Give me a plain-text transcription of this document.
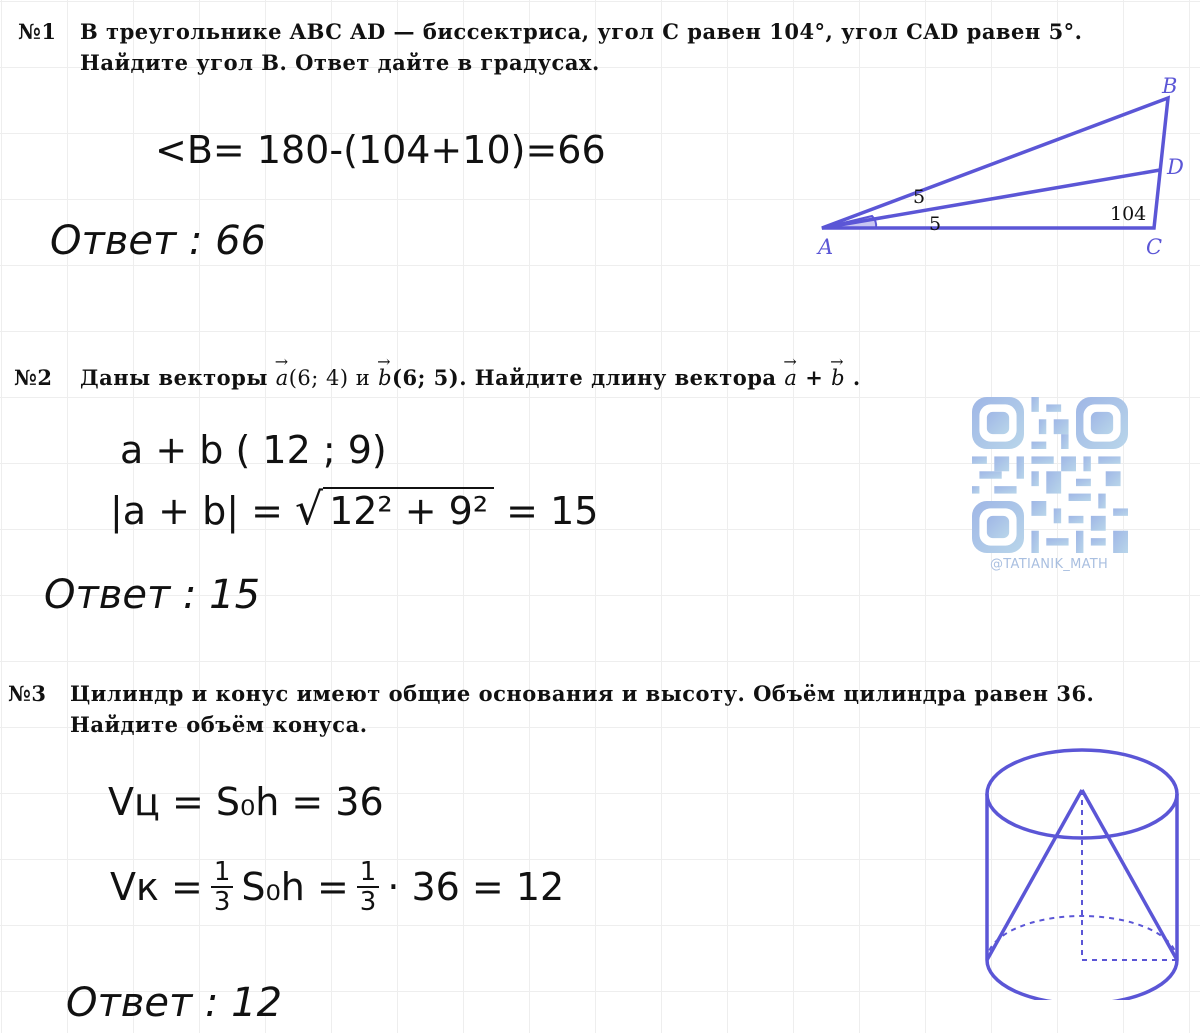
№1 В треугольнике ABC AD — биссектриса, угол C равен 104°, угол CAD равен 5°.
Найдите угол B. Ответ дайте в градусах.
<B= 180-(104+10)=66
Ответ : 66	A
B
C
D
5
5	104
№2 Даны векторы → a(6; 4) и → b(6; 5). Найдите длину вектора → a + → b .
a + b ( 12 ; 9)
|a + b| = √ 12² + 9² = 15
Ответ : 15
@TATIANIK_MATH
№3 Цилиндр и конус имеют общие основания и высоту. Объём цилиндра равен 36.
Найдите объём конуса.
Vц = S₀h = 36
Vк = $\frac{1}{3} S_0h = \frac{1}{3} \cdot 36 = 12$
Ответ : 12
